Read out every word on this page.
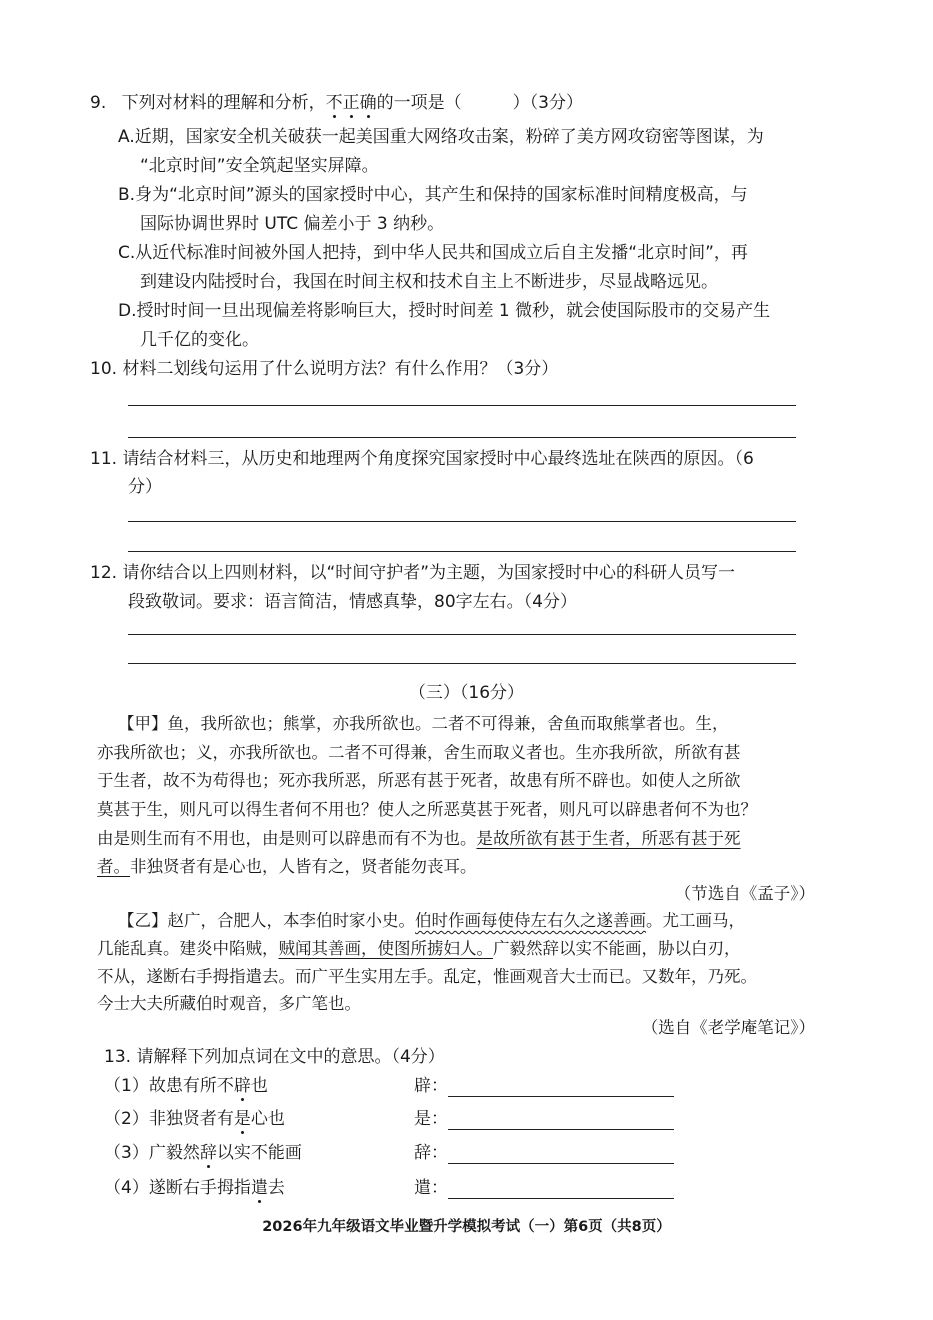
9. 下列对材料的理解和分析，不正确的一项是（　　　）（3分）
A.近期，国家安全机关破获一起美国重大网络攻击案，粉碎了美方网攻窃密等图谋，为
“北京时间”安全筑起坚实屏障。
B.身为“北京时间”源头的国家授时中心，其产生和保持的国家标准时间精度极高，与
国际协调世界时 UTC 偏差小于 3 纳秒。
C.从近代标准时间被外国人把持，到中华人民共和国成立后自主发播“北京时间”，再
到建设内陆授时台，我国在时间主权和技术自主上不断进步，尽显战略远见。
D.授时时间一旦出现偏差将影响巨大，授时时间差 1 微秒，就会使国际股市的交易产生
几千亿的变化。
10. 材料二划线句运用了什么说明方法？有什么作用？（3分）
11. 请结合材料三，从历史和地理两个角度探究国家授时中心最终选址在陕西的原因。（6
分）
12. 请你结合以上四则材料，以“时间守护者”为主题，为国家授时中心的科研人员写一
段致敬词。要求：语言简洁，情感真挚，80字左右。（4分）
（三）（16分）
【甲】鱼，我所欲也；熊掌，亦我所欲也。二者不可得兼，舍鱼而取熊掌者也。生，
亦我所欲也；义，亦我所欲也。二者不可得兼，舍生而取义者也。生亦我所欲，所欲有甚
于生者，故不为苟得也；死亦我所恶，所恶有甚于死者，故患有所不辟也。如使人之所欲
莫甚于生，则凡可以得生者何不用也？使人之所恶莫甚于死者，则凡可以辟患者何不为也？
由是则生而有不用也，由是则可以辟患而有不为也。是故所欲有甚于生者，所恶有甚于死
者。非独贤者有是心也，人皆有之，贤者能勿丧耳。
（节选自《孟子》）
【乙】赵广，合肥人，本李伯时家小史。伯时作画每使侍左右久之遂善画。尤工画马，
几能乱真。建炎中陷贼，贼闻其善画，使图所掳妇人。广毅然辞以实不能画，胁以白刃，
不从，遂断右手拇指遣去。而广平生实用左手。乱定，惟画观音大士而已。又数年，乃死。
今士大夫所藏伯时观音，多广笔也。
（选自《老学庵笔记》）
13. 请解释下列加点词在文中的意思。（4分）
（1）故患有所不辟也	辟：
（2）非独贤者有是心也	是：
（3）广毅然辞以实不能画	辞：
（4）遂断右手拇指遣去	遣：
2026年九年级语文毕业暨升学模拟考试（一）第6页（共8页）
